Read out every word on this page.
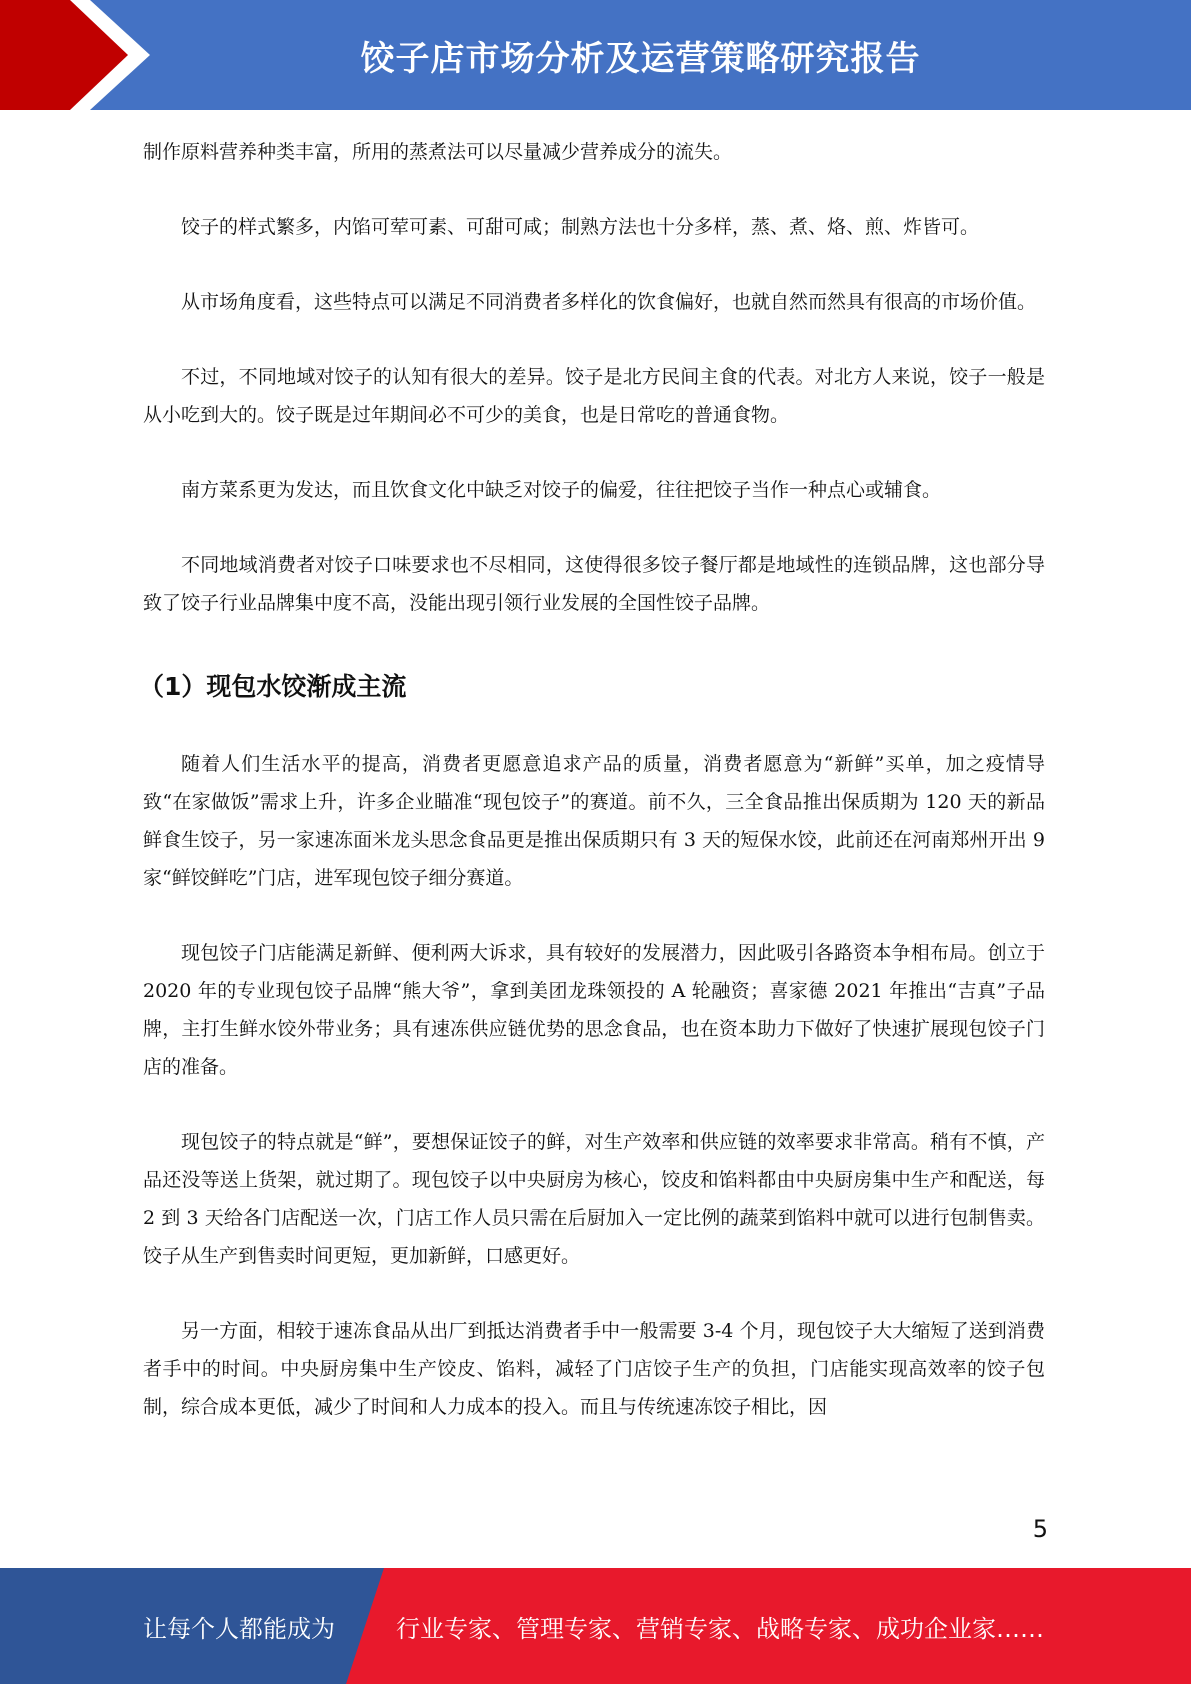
饺子店市场分析及运营策略研究报告

制作原料营养种类丰富，所用的蒸煮法可以尽量减少营养成分的流失。

饺子的样式繁多，内馅可荤可素、可甜可咸；制熟方法也十分多样，蒸、煮、烙、煎、炸皆可。

从市场角度看，这些特点可以满足不同消费者多样化的饮食偏好，也就自然而然具有很高的市场价值。

不过，不同地域对饺子的认知有很大的差异。饺子是北方民间主食的代表。对北方人来说，饺子一般是从小吃到大的。饺子既是过年期间必不可少的美食，也是日常吃的普通食物。

南方菜系更为发达，而且饮食文化中缺乏对饺子的偏爱，往往把饺子当作一种点心或辅食。

不同地域消费者对饺子口味要求也不尽相同，这使得很多饺子餐厅都是地域性的连锁品牌，这也部分导致了饺子行业品牌集中度不高，没能出现引领行业发展的全国性饺子品牌。

（1）现包水饺渐成主流

随着人们生活水平的提高，消费者更愿意追求产品的质量，消费者愿意为“新鲜”买单，加之疫情导致“在家做饭”需求上升，许多企业瞄准“现包饺子”的赛道。前不久，三全食品推出保质期为 120 天的新品鲜食生饺子，另一家速冻面米龙头思念食品更是推出保质期只有 3 天的短保水饺，此前还在河南郑州开出 9 家“鲜饺鲜吃”门店，进军现包饺子细分赛道。

现包饺子门店能满足新鲜、便利两大诉求，具有较好的发展潜力，因此吸引各路资本争相布局。创立于 2020 年的专业现包饺子品牌“熊大爷”，拿到美团龙珠领投的 A 轮融资；喜家德 2021 年推出“吉真”子品牌，主打生鲜水饺外带业务；具有速冻供应链优势的思念食品，也在资本助力下做好了快速扩展现包饺子门店的准备。

现包饺子的特点就是“鲜”，要想保证饺子的鲜，对生产效率和供应链的效率要求非常高。稍有不慎，产品还没等送上货架，就过期了。现包饺子以中央厨房为核心，饺皮和馅料都由中央厨房集中生产和配送，每 2 到 3 天给各门店配送一次，门店工作人员只需在后厨加入一定比例的蔬菜到馅料中就可以进行包制售卖。饺子从生产到售卖时间更短，更加新鲜，口感更好。

另一方面，相较于速冻食品从出厂到抵达消费者手中一般需要 3-4 个月，现包饺子大大缩短了送到消费者手中的时间。中央厨房集中生产饺皮、馅料，减轻了门店饺子生产的负担，门店能实现高效率的饺子包制，综合成本更低，减少了时间和人力成本的投入。而且与传统速冻饺子相比，因

5
让每个人都能成为	行业专家、管理专家、营销专家、战略专家、成功企业家……
